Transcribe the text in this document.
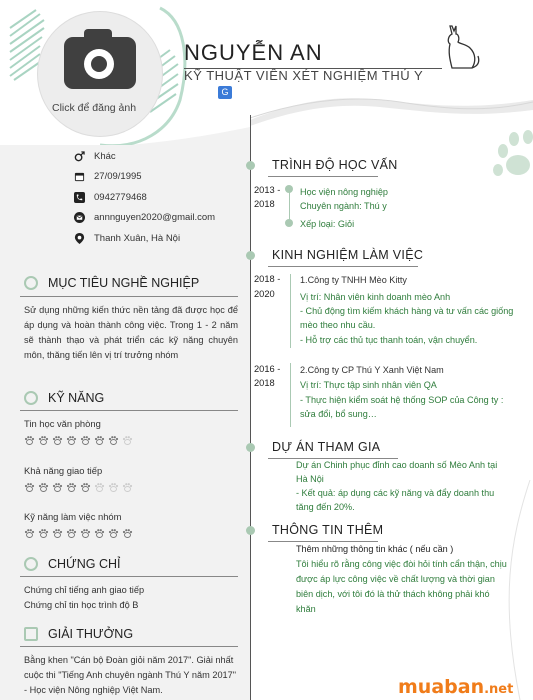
Click để đăng ảnh
NGUYỄN AN
KỸ THUẬT VIÊN XÉT NGHIỆM THÚ Y
G
Khác
27/09/1995
0942779468
annnguyen2020@gmail.com
Thanh Xuân, Hà Nội
MỤC TIÊU NGHỀ NGHIỆP
Sử dụng những kiến thức nền tảng đã được học để áp dụng và hoàn thành công việc. Trong 1 - 2 năm sẽ thành thạo và phát triển các kỹ năng chuyên môn, thăng tiến lên vị trí trưởng nhóm
KỸ NĂNG
Tin học văn phòng
Khả năng giao tiếp
Kỹ năng làm việc nhóm
CHỨNG CHỈ
Chứng chỉ tiếng anh giao tiếp
Chứng chỉ tin học trình độ B
GIẢI THƯỞNG
Bằng khen "Cán bộ Đoàn giỏi năm 2017". Giải nhất cuộc thi "Tiếng Anh chuyên ngành Thú Y năm 2017" - Học viện Nông nghiệp Việt Nam.
TRÌNH ĐỘ HỌC VẤN
2013 -
2018
Học viện nông nghiệp
Chuyên ngành: Thú y
Xếp loại: Giỏi
KINH NGHIỆM LÀM VIỆC
2018 -
2020
1.Công ty TNHH Mèo Kitty
Vị trí: Nhân viên kinh doanh mèo Anh
- Chủ động tìm kiếm khách hàng và tư vấn các giống mèo theo nhu cầu.
- Hỗ trợ các thủ tục thanh toán, vận chuyển.
2016 -
2018
2.Công ty CP Thú Y Xanh Việt Nam
Vị trí: Thực tập sinh nhân viên QA
- Thực hiện kiểm soát hệ thống SOP của Công ty : sửa đổi, bổ sung…
DỰ ÁN THAM GIA
Dự án Chinh phục đỉnh cao doanh số Mèo Anh tại Hà Nội
- Kết quả: áp dụng các kỹ năng và đẩy doanh thu tăng đến 20%.
THÔNG TIN THÊM
Thêm những thông tin khác ( nếu cần )
Tôi hiểu rõ rằng công việc đòi hỏi tính cẩn thận, chịu được áp lực công việc về chất lượng và thời gian biên dịch, với tôi đó là thử thách không phải khó khăn
muaban.net
